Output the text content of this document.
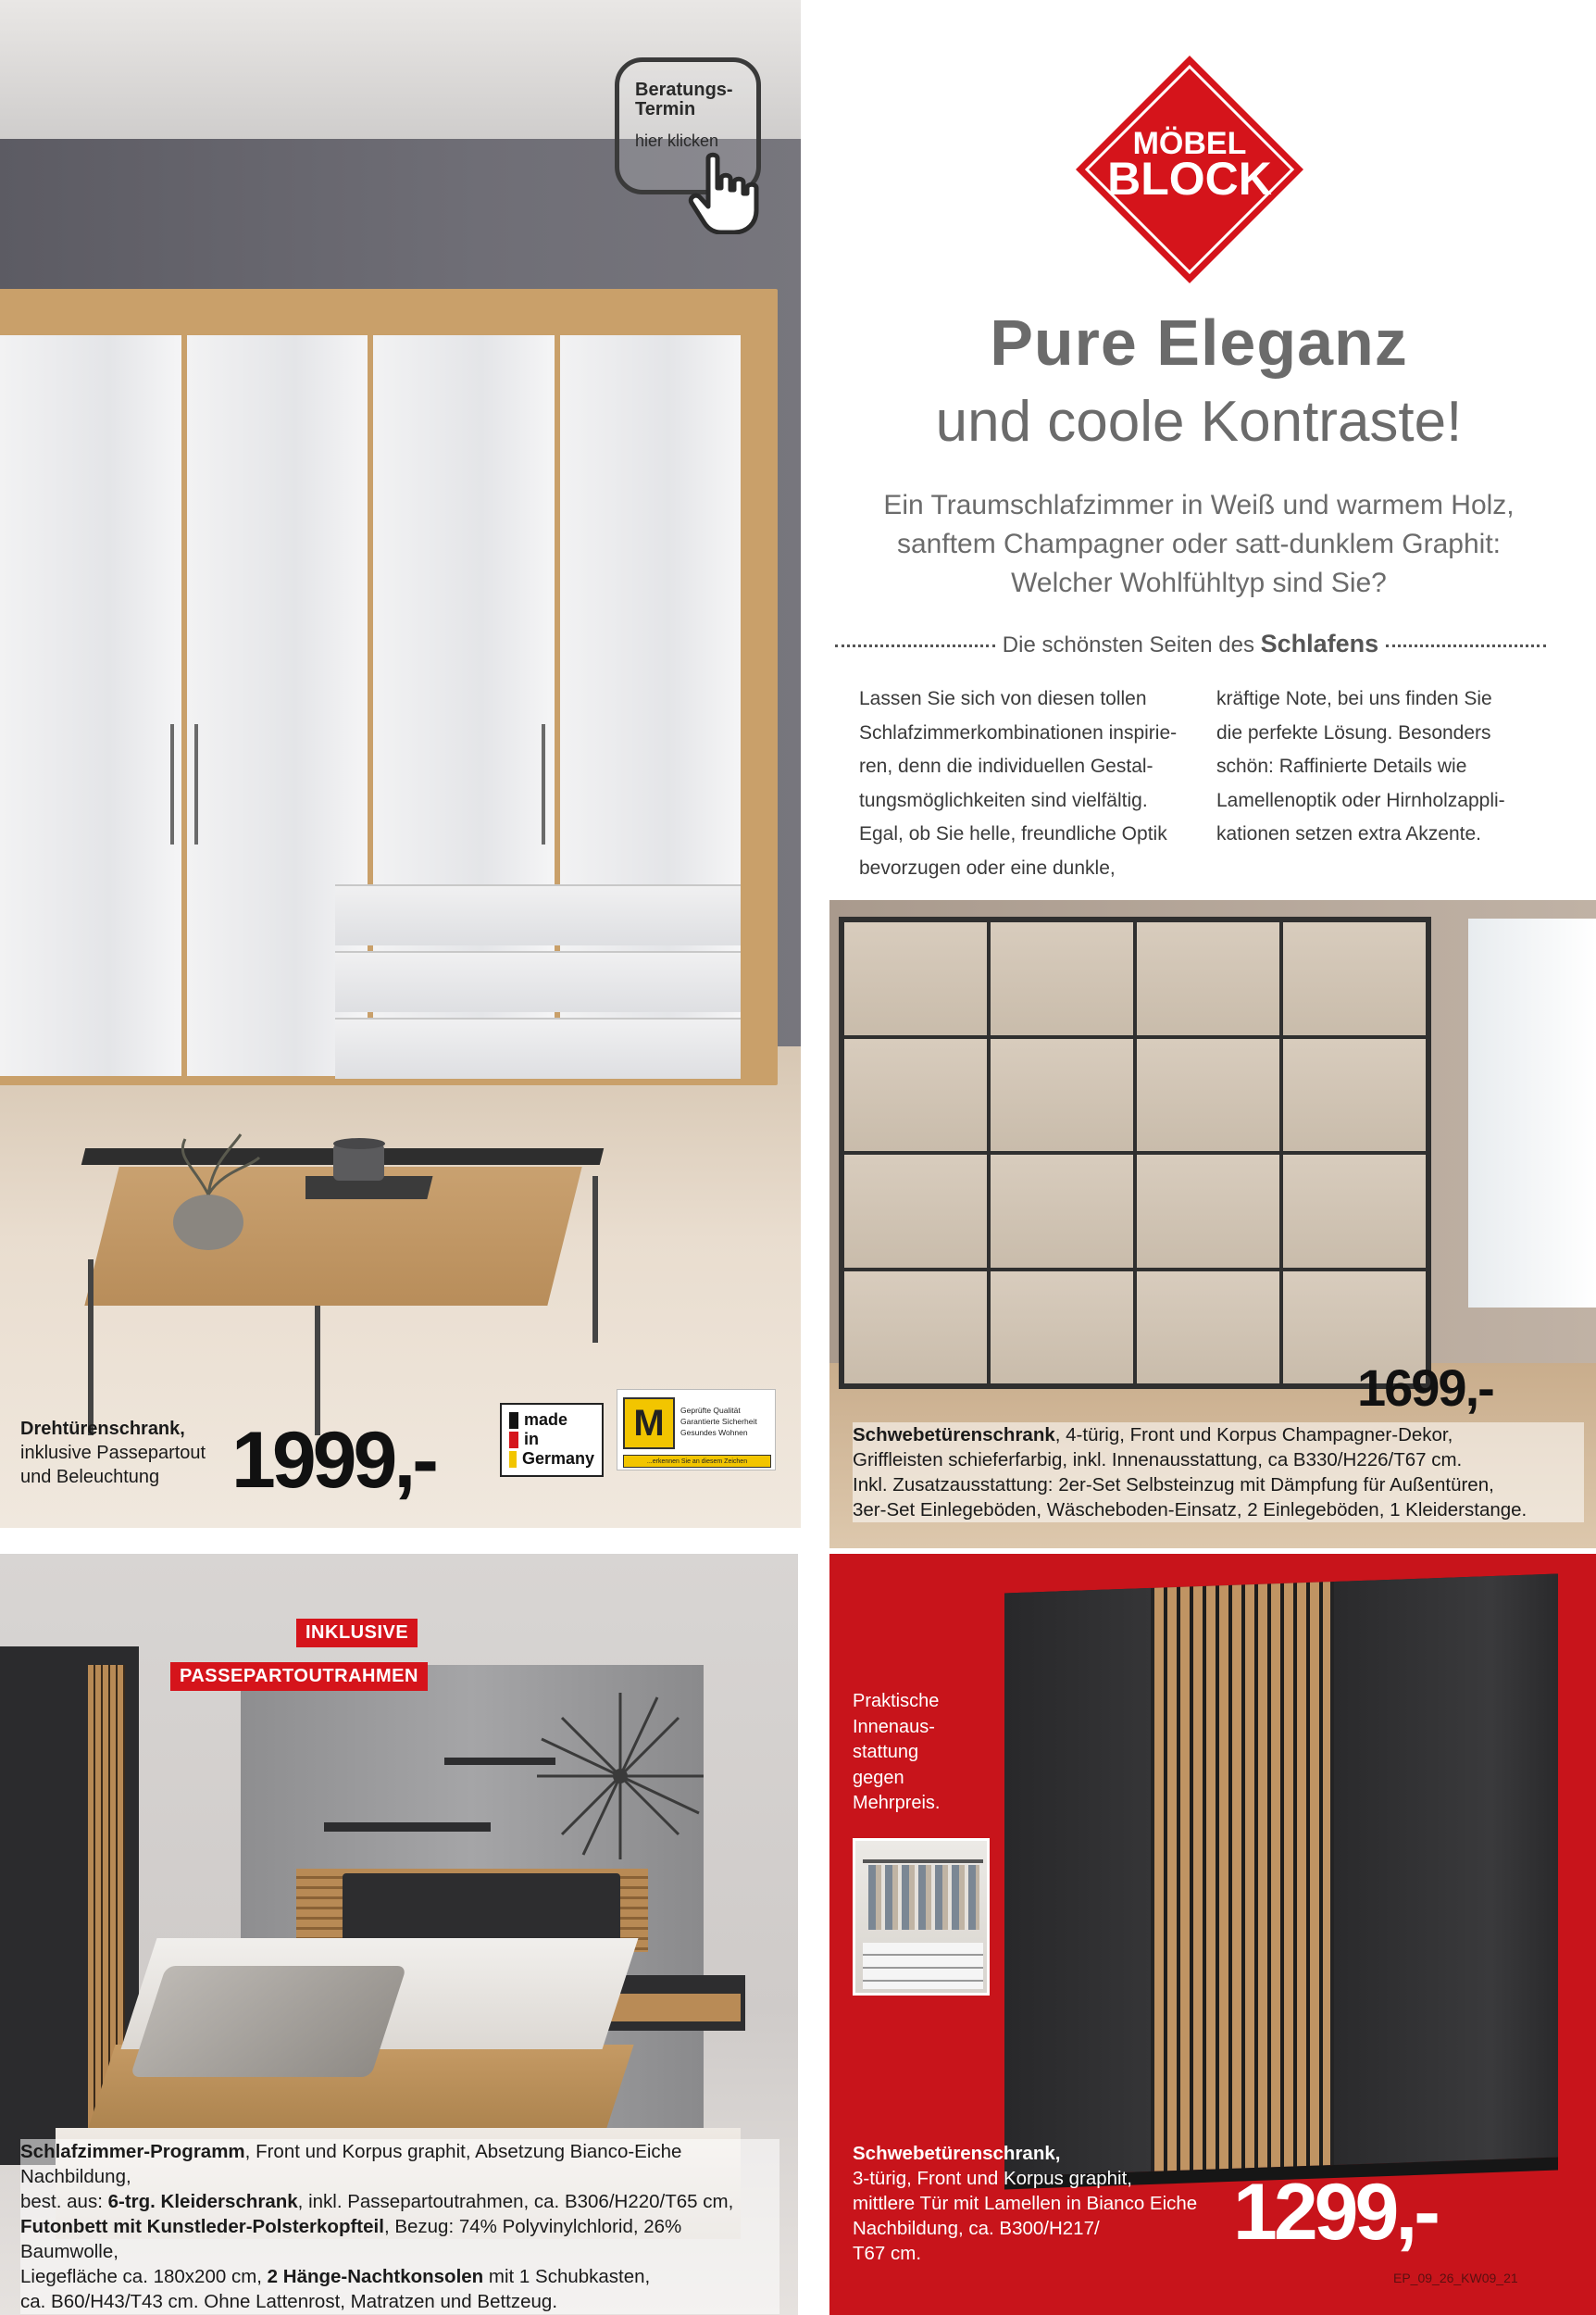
Beratungs-
Termin
hier klicken
Drehtürenschrank,
inklusive Passepartout
und Beleuchtung 1999,-	made
in
Germany
M	Geprüfte Qualität
Garantierte Sicherheit
Gesundes Wohnen
...erkennen Sie an diesem Zeichen
MÖBEL
BLOCK
Pure Eleganz
und coole Kontraste!
Ein Traumschlafzimmer in Weiß und warmem Holz,
sanftem Champagner oder satt-dunklem Graphit:
Welcher Wohlfühltyp sind Sie?
Die schönsten Seiten des Schlafens
Lassen Sie sich von diesen tollen
Schlafzimmerkombinationen inspirie-
ren, denn die individuellen Gestal-
tungsmöglichkeiten sind vielfältig.
Egal, ob Sie helle, freundliche Optik
bevorzugen oder eine dunkle,
kräftige Note, bei uns finden Sie
die perfekte Lösung. Besonders
schön: Raffinierte Details wie
Lamellenoptik oder Hirnholzappli-
kationen setzen extra Akzente.
1699,-
Schwebetürenschrank, 4-türig, Front und Korpus Champagner-Dekor,
Griffleisten schieferfarbig, inkl. Innenausstattung, ca B330/H226/T67 cm.
Inkl. Zusatzausstattung: 2er-Set Selbsteinzug mit Dämpfung für Außentüren,
3er-Set Einlegeböden, Wäscheboden-Einsatz, 2 Einlegeböden, 1 Kleiderstange.
INKLUSIVE
PASSEPARTOUTRAHMEN
Schlafzimmer-Programm, Front und Korpus graphit, Absetzung Bianco-Eiche Nachbildung,
best. aus: 6-trg. Kleiderschrank, inkl. Passepartoutrahmen, ca. B306/H220/T65 cm,
Futonbett mit Kunstleder-Polsterkopfteil, Bezug: 74% Polyvinylchlorid, 26% Baumwolle,
Liegefläche ca. 180x200 cm, 2 Hänge-Nachtkonsolen mit 1 Schubkasten,
ca. B60/H43/T43 cm. Ohne Lattenrost, Matratzen und Bettzeug.
Praktische
Innenaus-
stattung
gegen
Mehrpreis.
Schwebetürenschrank,
3-türig, Front und Korpus graphit,
mittlere Tür mit Lamellen in Bianco Eiche
Nachbildung, ca. B300/H217/
T67 cm.	1299,-
EP_09_26_KW09_21
